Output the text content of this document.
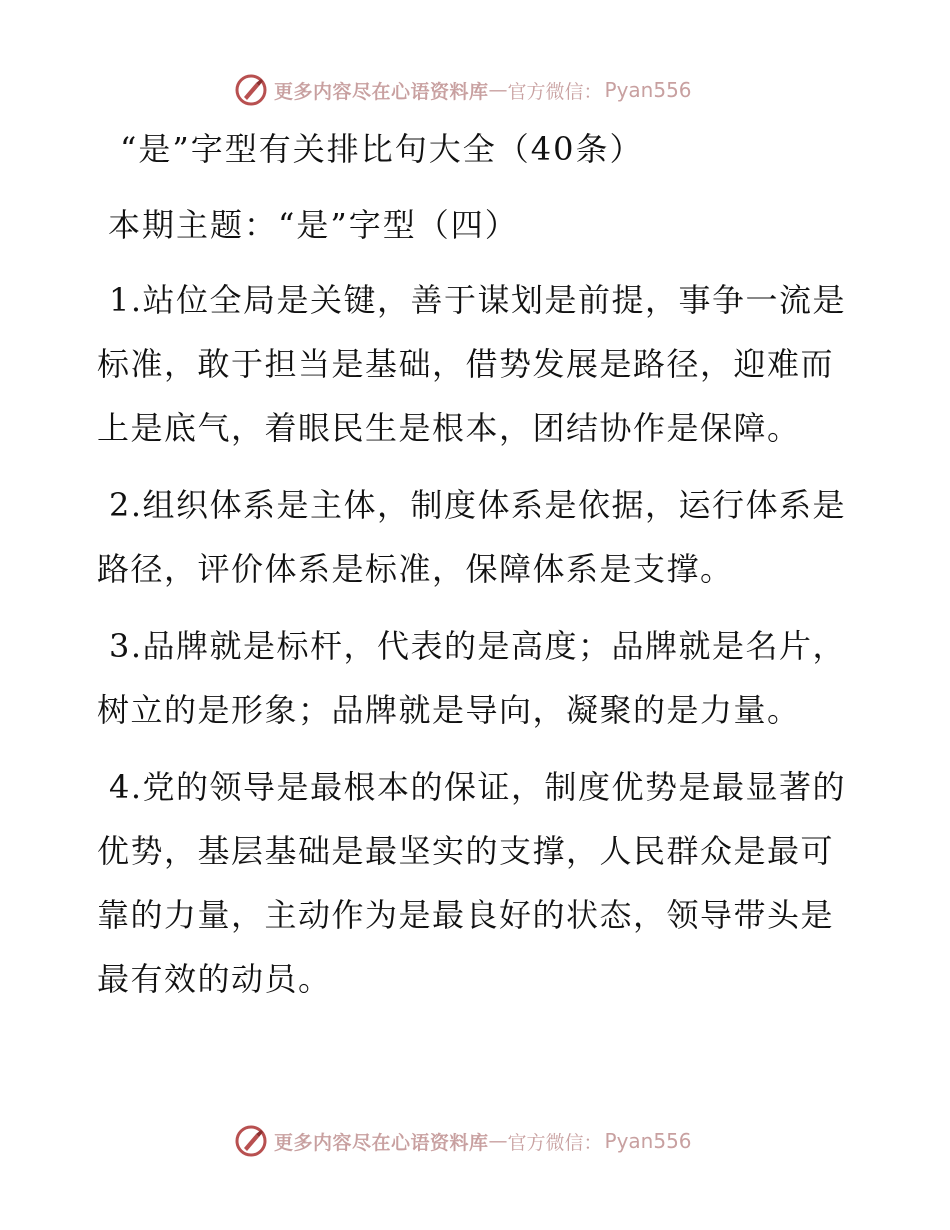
更多内容尽在心语资料库 — 官方微信： Pyan556
“是”字型有关排比句大全（40条）

本期主题：“是”字型（四）

1.站位全局是关键，善于谋划是前提，事争一流是标准，敢于担当是基础，借势发展是路径，迎难而上是底气，着眼民生是根本，团结协作是保障。

2.组织体系是主体，制度体系是依据，运行体系是路径，评价体系是标准，保障体系是支撑。

3.品牌就是标杆，代表的是高度；品牌就是名片，树立的是形象；品牌就是导向，凝聚的是力量。

4.党的领导是最根本的保证，制度优势是最显著的优势，基层基础是最坚实的支撑，人民群众是最可靠的力量，主动作为是最良好的状态，领导带头是最有效的动员。

更多内容尽在心语资料库 — 官方微信： Pyan556
